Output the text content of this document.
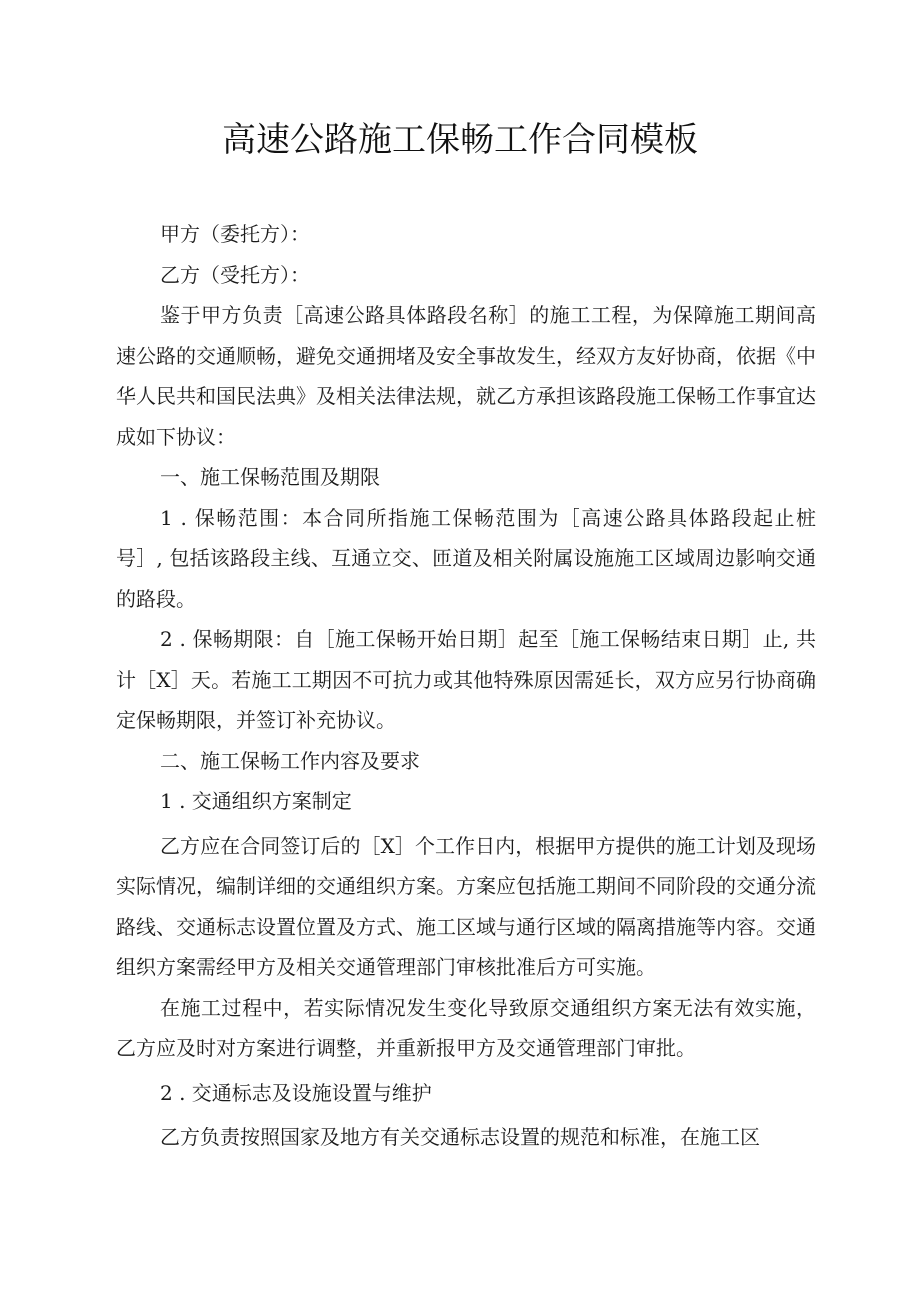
高速公路施工保畅工作合同模板

甲方（委托方）：

乙方（受托方）：

鉴于甲方负责［高速公路具体路段名称］的施工工程，为保障施工期间高速公路的交通顺畅，避免交通拥堵及安全事故发生，经双方友好协商，依据《中华人民共和国民法典》及相关法律法规，就乙方承担该路段施工保畅工作事宜达成如下协议：

一、施工保畅范围及期限

1 . 保畅范围：本合同所指施工保畅范围为［高速公路具体路段起止桩号］, 包括该路段主线、互通立交、匝道及相关附属设施施工区域周边影响交通的路段。

2 . 保畅期限：自［施工保畅开始日期］起至［施工保畅结束日期］止, 共计［X］天。若施工工期因不可抗力或其他特殊原因需延长，双方应另行协商确定保畅期限，并签订补充协议。

二、施工保畅工作内容及要求

1 . 交通组织方案制定

乙方应在合同签订后的［X］个工作日内，根据甲方提供的施工计划及现场实际情况，编制详细的交通组织方案。方案应包括施工期间不同阶段的交通分流路线、交通标志设置位置及方式、施工区域与通行区域的隔离措施等内容。交通组织方案需经甲方及相关交通管理部门审核批准后方可实施。

在施工过程中，若实际情况发生变化导致原交通组织方案无法有效实施，乙方应及时对方案进行调整，并重新报甲方及交通管理部门审批。

2 . 交通标志及设施设置与维护

乙方负责按照国家及地方有关交通标志设置的规范和标准，在施工区
